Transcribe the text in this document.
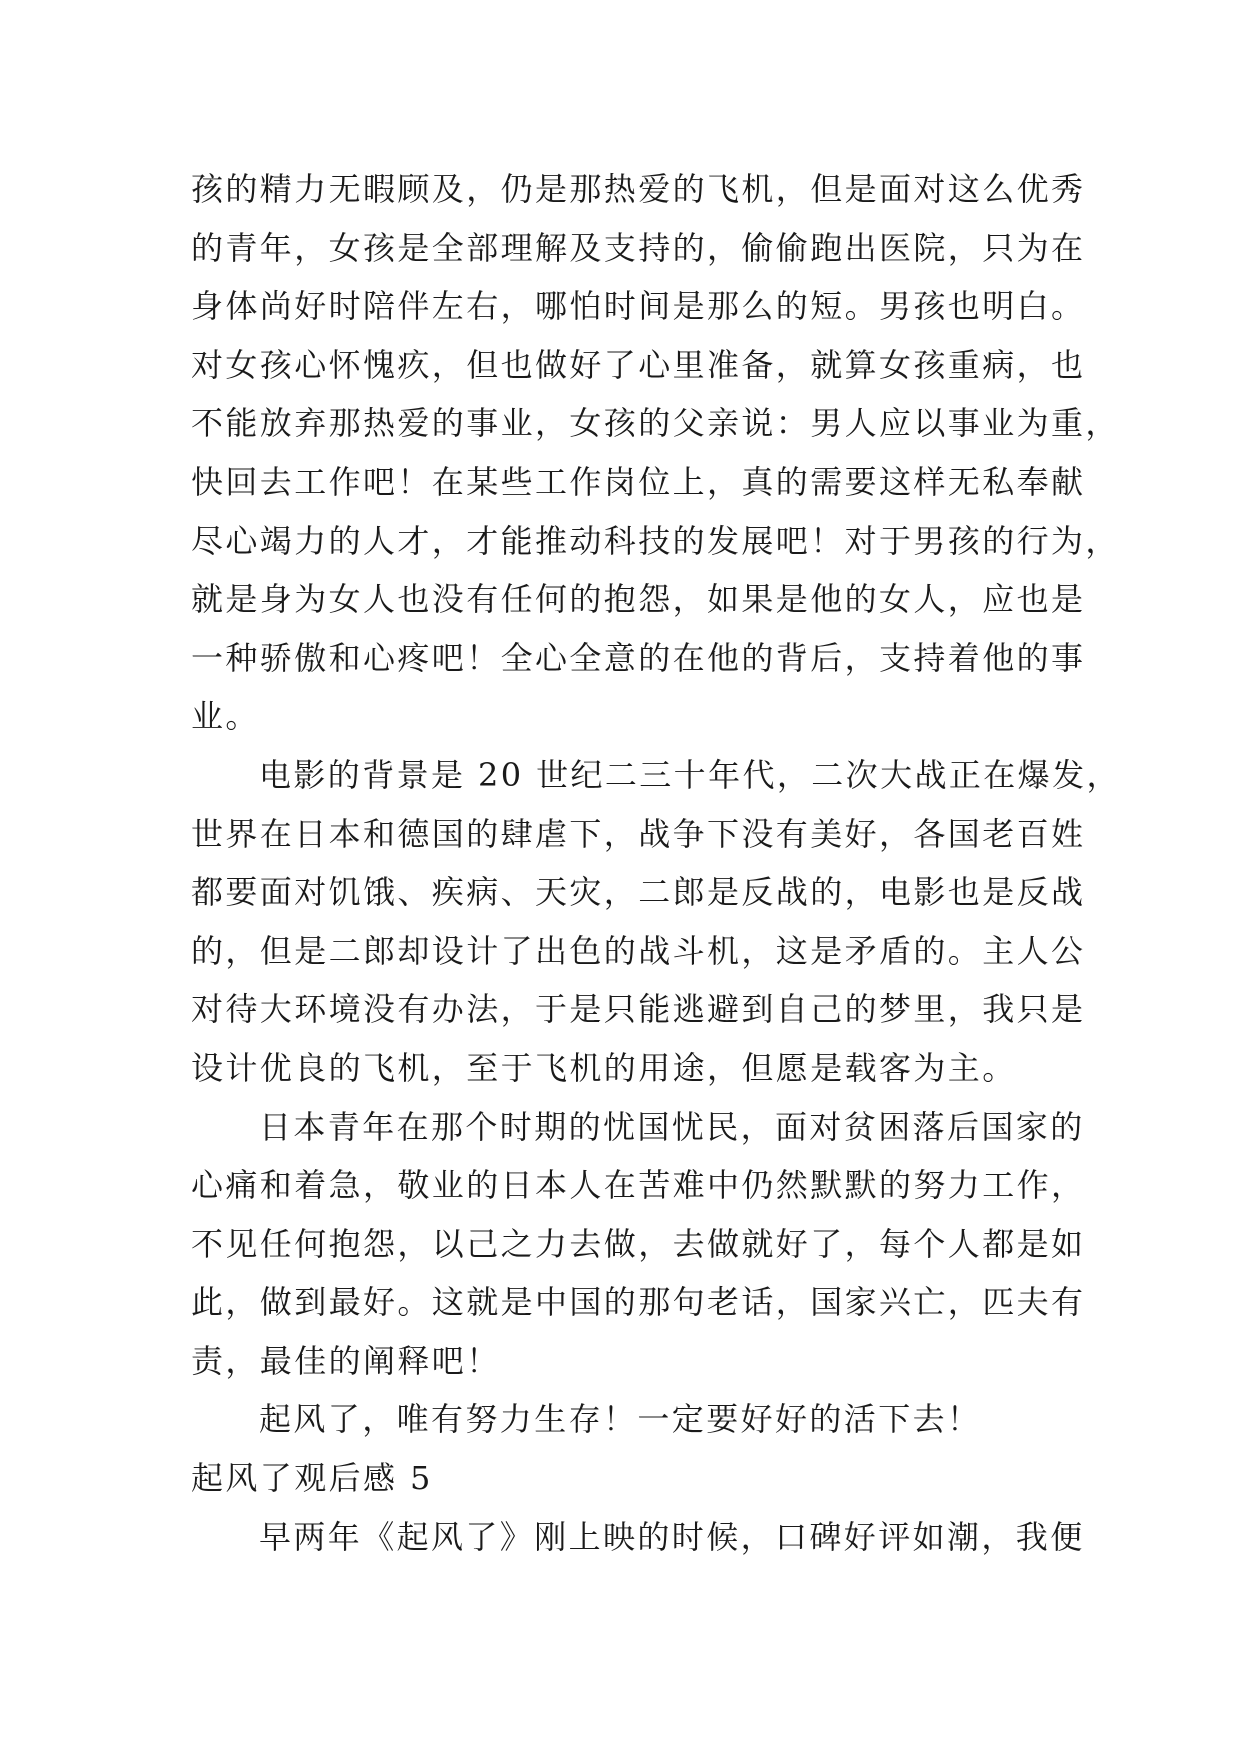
孩的精力无暇顾及，仍是那热爱的飞机，但是面对这么优秀
的青年，女孩是全部理解及支持的，偷偷跑出医院，只为在
身体尚好时陪伴左右，哪怕时间是那么的短。男孩也明白。
对女孩心怀愧疚，但也做好了心里准备，就算女孩重病，也
不能放弃那热爱的事业，女孩的父亲说：男人应以事业为重，
快回去工作吧！在某些工作岗位上，真的需要这样无私奉献
尽心竭力的人才，才能推动科技的发展吧！对于男孩的行为，
就是身为女人也没有任何的抱怨，如果是他的女人，应也是
一种骄傲和心疼吧！全心全意的在他的背后，支持着他的事
业。
电影的背景是 20 世纪二三十年代，二次大战正在爆发，
世界在日本和德国的肆虐下，战争下没有美好，各国老百姓
都要面对饥饿、疾病、天灾，二郎是反战的，电影也是反战
的，但是二郎却设计了出色的战斗机，这是矛盾的。主人公
对待大环境没有办法，于是只能逃避到自己的梦里，我只是
设计优良的飞机，至于飞机的用途，但愿是载客为主。
日本青年在那个时期的忧国忧民，面对贫困落后国家的
心痛和着急，敬业的日本人在苦难中仍然默默的努力工作，
不见任何抱怨，以己之力去做，去做就好了，每个人都是如
此，做到最好。这就是中国的那句老话，国家兴亡，匹夫有
责，最佳的阐释吧！
起风了，唯有努力生存！一定要好好的活下去！
起风了观后感 5
早两年《起风了》刚上映的时候，口碑好评如潮，我便
